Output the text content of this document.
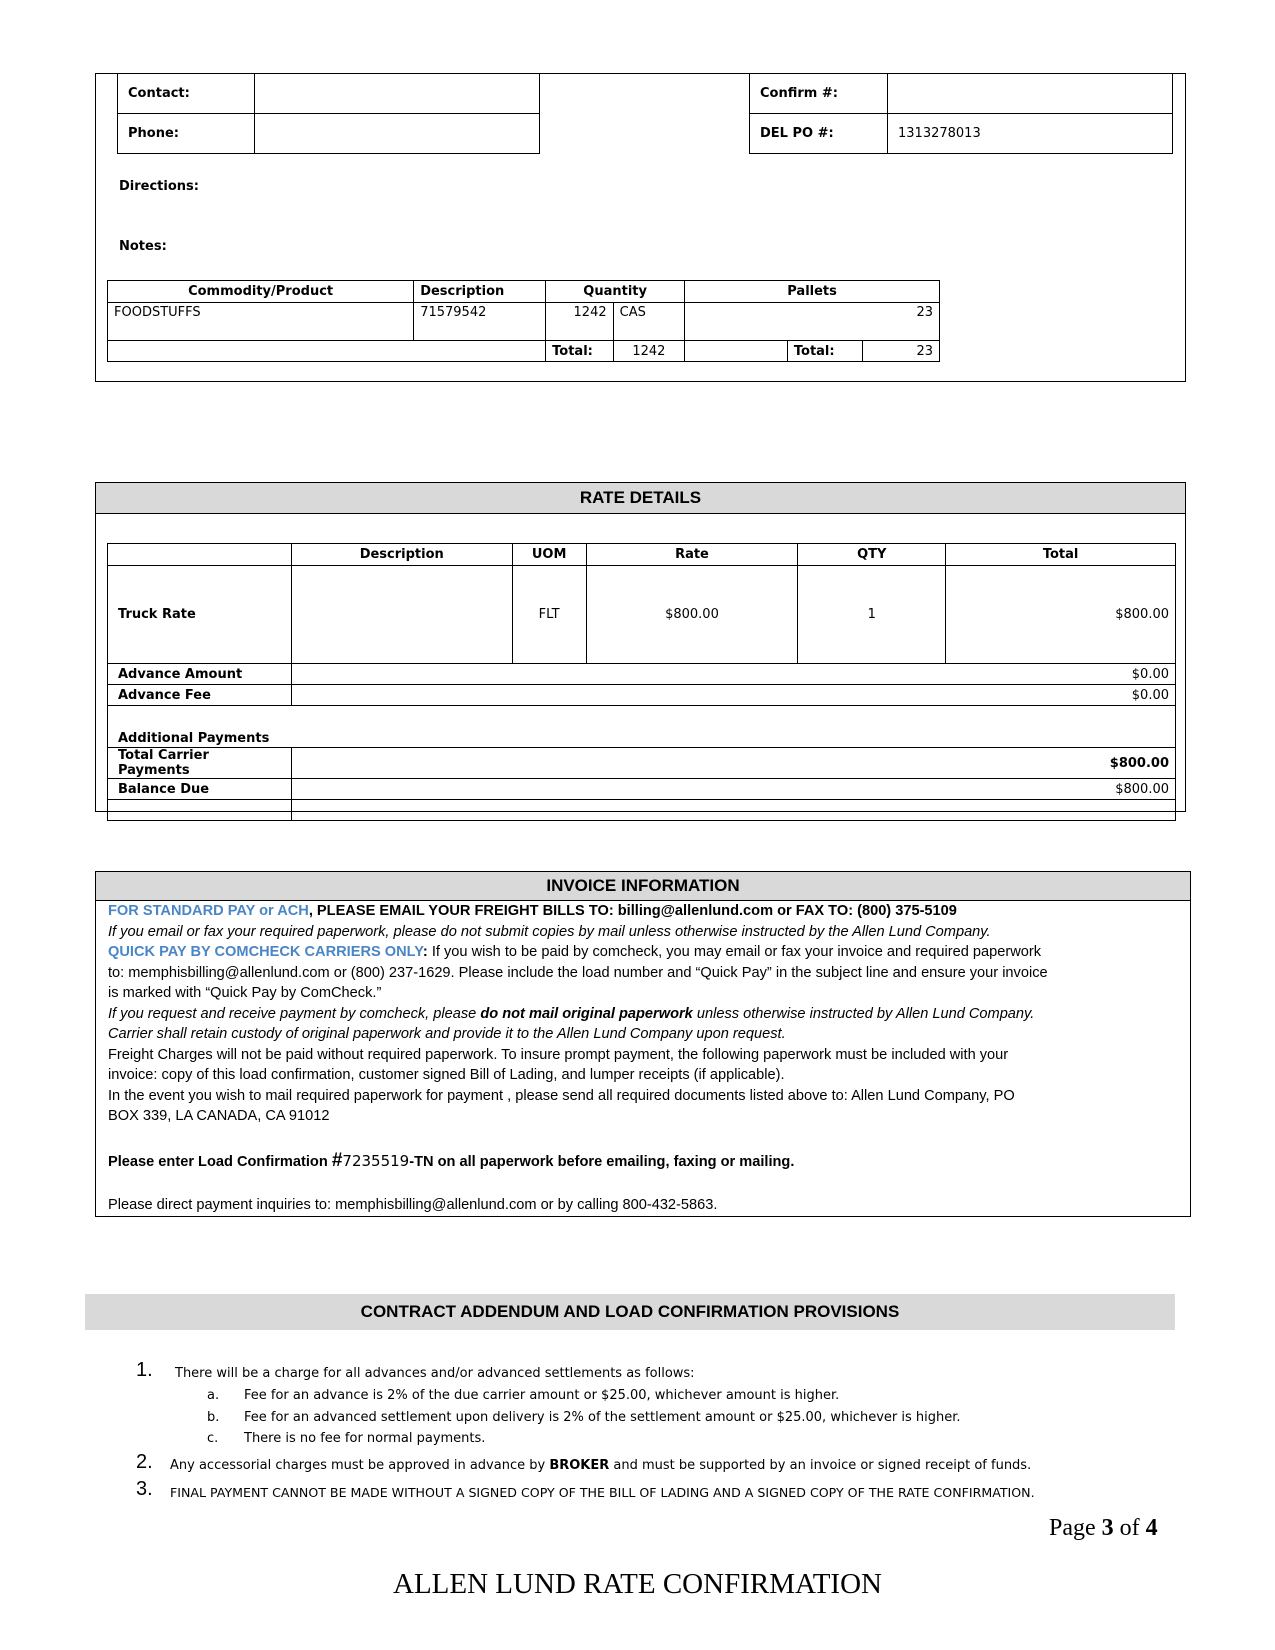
Contact:
Phone:
Confirm #:
DEL PO #:	1313278013
Directions:
Notes:
Commodity/Product	Description	Quantity		Pallets		
FOODSTUFFS	71579542	1242	CAS	23		
		Total:	1242		Total:	23
RATE DETAILS
	Description	UOM	Rate	QTY	Total
Truck Rate		FLT	$800.00	1	$800.00
Advance Amount	$0.00				
Advance Fee	$0.00				
Additional Payments					
Total Carrier Payments	$800.00				
Balance Due	$800.00				

INVOICE INFORMATION
FOR STANDARD PAY or ACH, PLEASE EMAIL YOUR FREIGHT BILLS TO: billing@allenlund.com or FAX TO: (800) 375-5109
If you email or fax your required paperwork, please do not submit copies by mail unless otherwise instructed by the Allen Lund Company.
QUICK PAY BY COMCHECK CARRIERS ONLY: If you wish to be paid by comcheck, you may email or fax your invoice and required paperwork
to: memphisbilling@allenlund.com or (800) 237-1629. Please include the load number and “Quick Pay” in the subject line and ensure your invoice
is marked with “Quick Pay by ComCheck.”
If you request and receive payment by comcheck, please do not mail original paperwork unless otherwise instructed by Allen Lund Company.
Carrier shall retain custody of original paperwork and provide it to the Allen Lund Company upon request.
Freight Charges will not be paid without required paperwork. To insure prompt payment, the following paperwork must be included with your
invoice: copy of this load confirmation, customer signed Bill of Lading, and lumper receipts (if applicable).
In the event you wish to mail required paperwork for payment , please send all required documents listed above to: Allen Lund Company, PO
BOX 339, LA CANADA, CA 91012
Please enter Load Confirmation #7235519-TN on all paperwork before emailing, faxing or mailing.
Please direct payment inquiries to: memphisbilling@allenlund.com or by calling 800-432-5863.
CONTRACT ADDENDUM AND LOAD CONFIRMATION PROVISIONS
1. There will be a charge for all advances and/or advanced settlements as follows:
a. Fee for an advance is 2% of the due carrier amount or $25.00, whichever amount is higher.
b. Fee for an advanced settlement upon delivery is 2% of the settlement amount or $25.00, whichever is higher.
c. There is no fee for normal payments.
2. Any accessorial charges must be approved in advance by BROKER and must be supported by an invoice or signed receipt of funds.
3. FINAL PAYMENT CANNOT BE MADE WITHOUT A SIGNED COPY OF THE BILL OF LADING AND A SIGNED COPY OF THE RATE CONFIRMATION.
Page 3 of 4
ALLEN LUND RATE CONFIRMATION
